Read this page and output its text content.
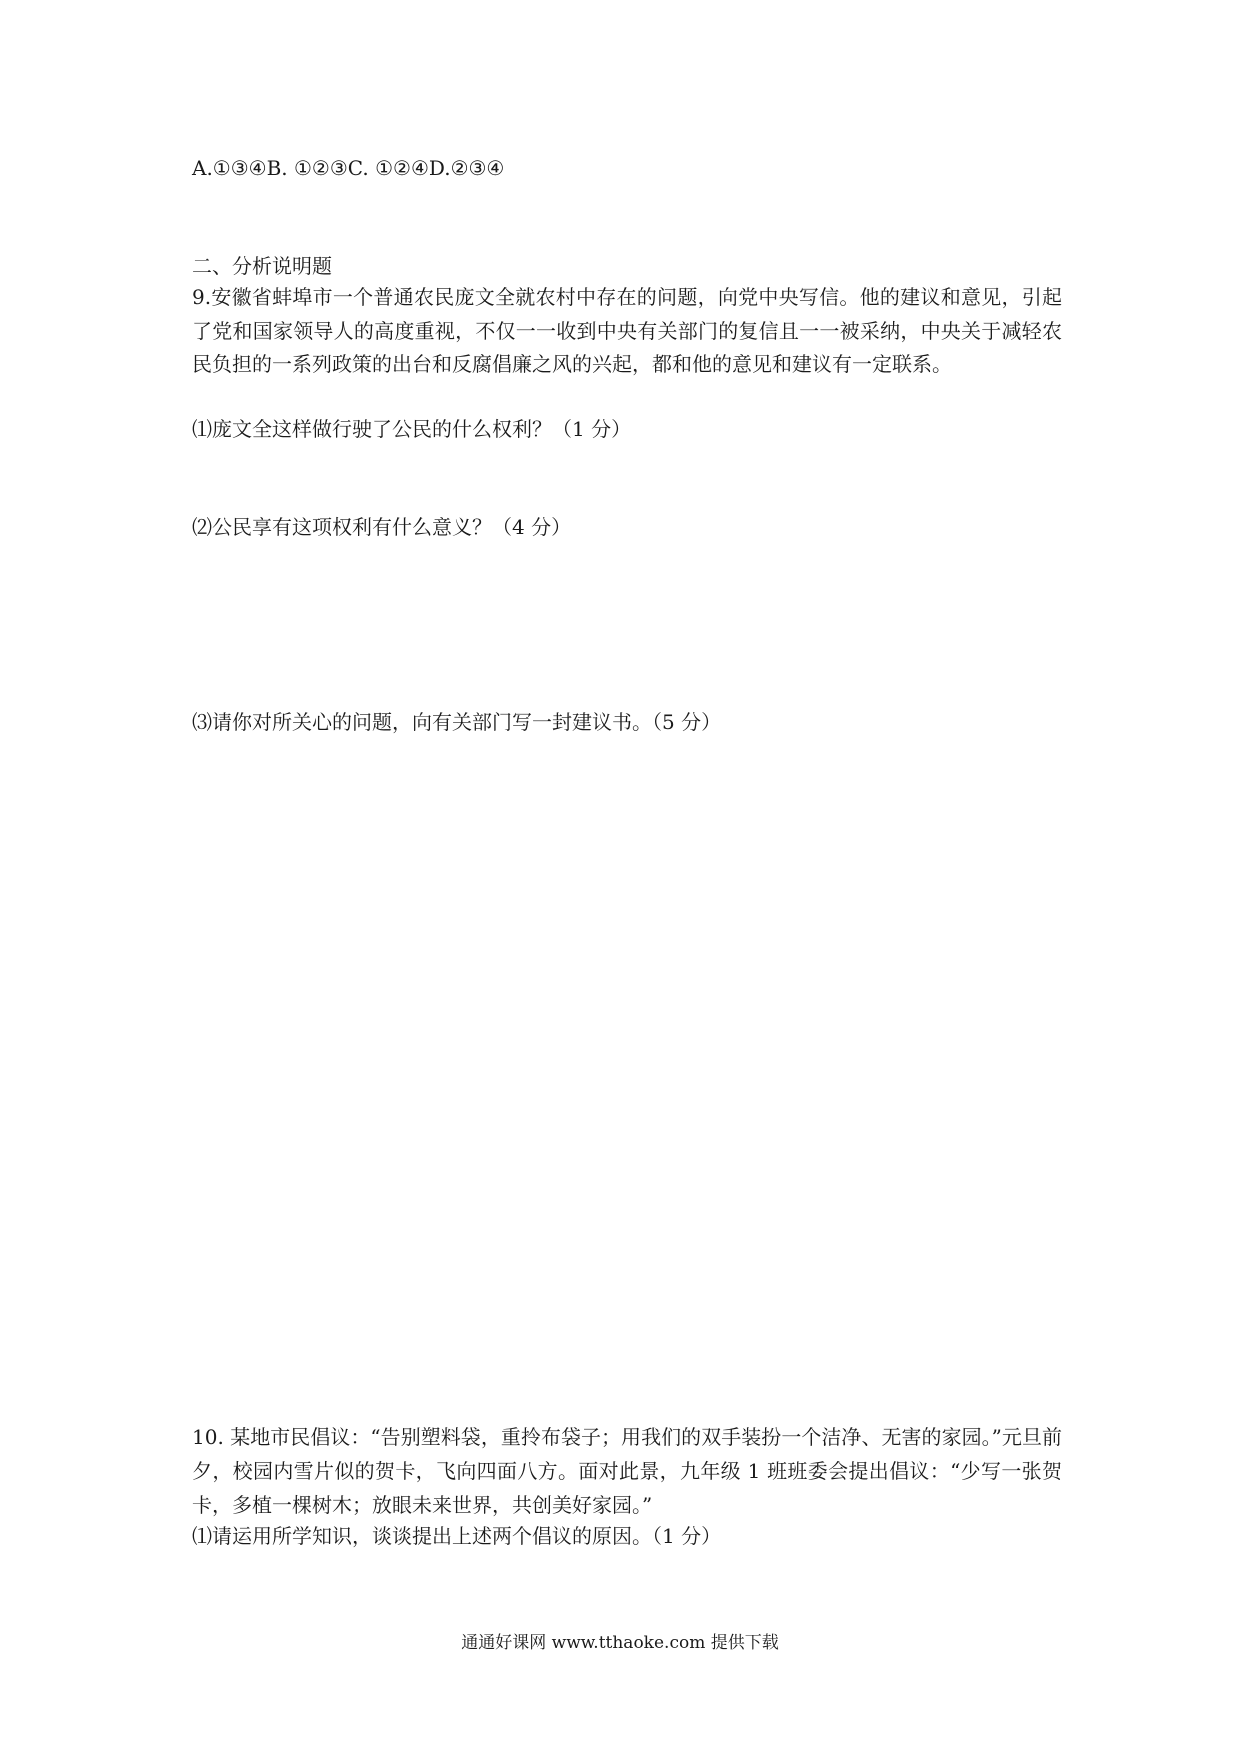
A.①③④B. ①②③C. ①②④D.②③④
二、分析说明题
9.安徽省蚌埠市一个普通农民庞文全就农村中存在的问题，向党中央写信。他的建议和意见，引起了党和国家领导人的高度重视，不仅一一收到中央有关部门的复信且一一被采纳，中央关于减轻农民负担的一系列政策的出台和反腐倡廉之风的兴起，都和他的意见和建议有一定联系。
⑴庞文全这样做行驶了公民的什么权利？（1 分）
⑵公民享有这项权利有什么意义？（4 分）
⑶请你对所关心的问题，向有关部门写一封建议书。（5 分）
10. 某地市民倡议：“告别塑料袋，重拎布袋子；用我们的双手装扮一个洁净、无害的家园。”元旦前夕，校园内雪片似的贺卡，飞向四面八方。面对此景，九年级 1 班班委会提出倡议：“少写一张贺卡，多植一棵树木；放眼未来世界，共创美好家园。”
⑴请运用所学知识，谈谈提出上述两个倡议的原因。（1 分）
通通好课网 www.tthaoke.com 提供下载
